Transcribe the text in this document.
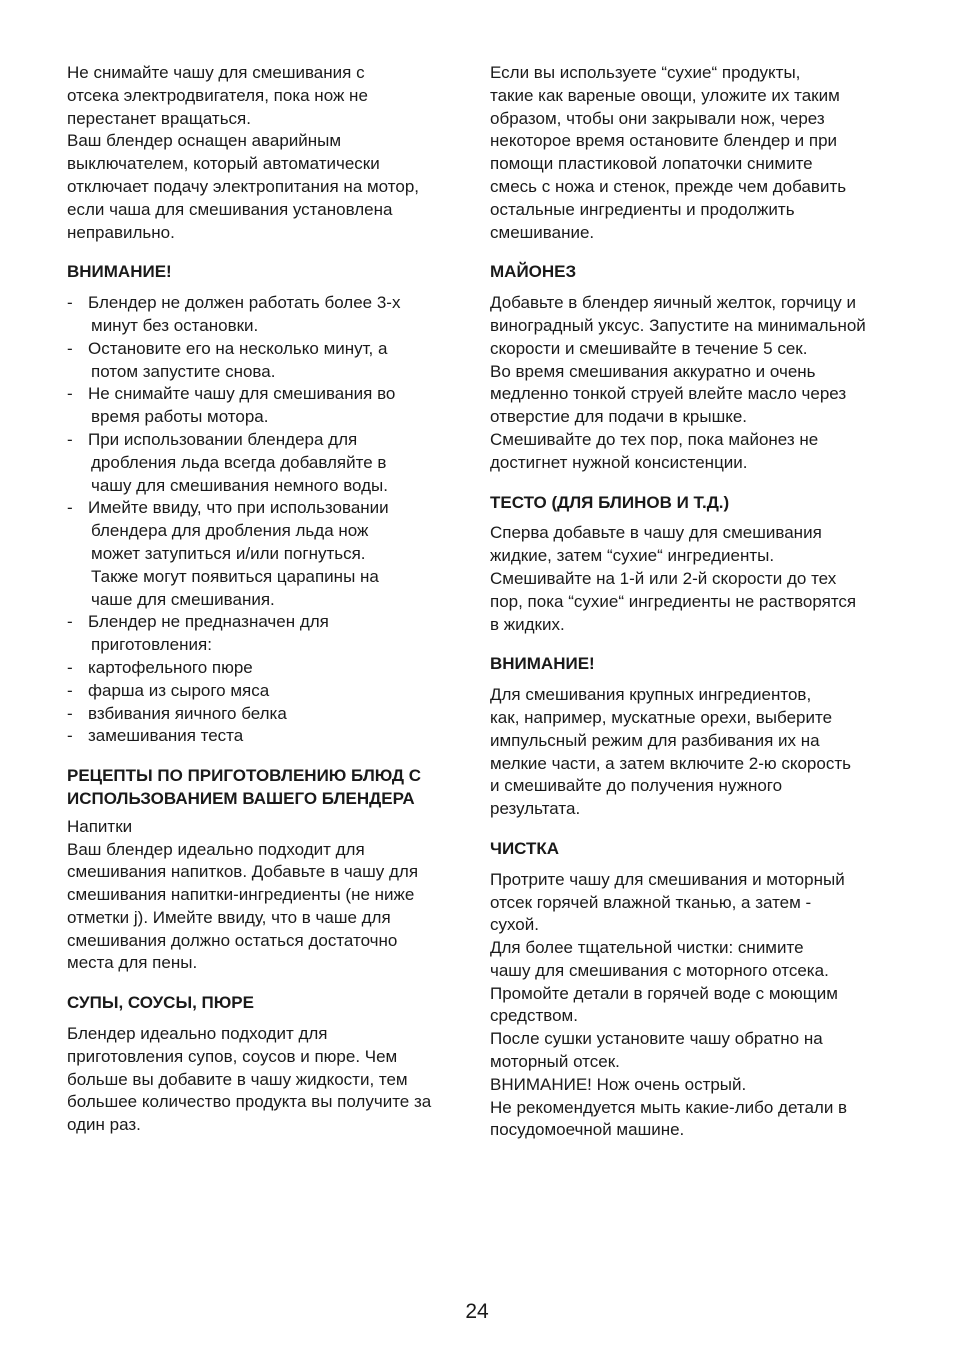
Не снимайте чашу для смешивания с
отсека электродвигателя, пока нож не
перестанет вращаться.
Ваш блендер оснащен аварийным
выключателем, который автоматически
отключает подачу электропитания на мотор,
если чаша для смешивания установлена
неправильно.
ВНИМАНИЕ!
- Блендер не должен работать более 3-х
минут без остановки.
- Остановите его на несколько минут, а
потом запустите снова.
- Не снимайте чашу для смешивания во
время работы мотора.
- При использовании блендера для
дробления льда всегда добавляйте в
чашу для смешивания немного воды.
- Имейте ввиду, что при использовании
блендера для дробления льда нож
может затупиться и/или погнуться.
Также могут появиться царапины на
чаше для смешивания.
- Блендер не предназначен для
приготовления:
- картофельного пюре
- фарша из сырого мяса
- взбивания яичного белка
- замешивания теста
РЕЦЕПТЫ ПО ПРИГОТОВЛЕНИЮ БЛЮД С
ИСПОЛЬЗОВАНИЕМ ВАШЕГО БЛЕНДЕРА
Напитки
Ваш блендер идеально подходит для
смешивания напитков. Добавьте в чашу для
смешивания напитки-ингредиенты (не ниже
отметки j). Имейте ввиду, что в чаше для
смешивания должно остаться достаточно
места для пены.
СУПЫ, СОУСЫ, ПЮРЕ
Блендер идеально подходит для
приготовления супов, соусов и пюре. Чем
больше вы добавите в чашу жидкости, тем
большее количество продукта вы получите за
один раз.
Если вы используете “сухие“ продукты,
такие как вареные овощи, уложите их таким
образом, чтобы они закрывали нож, через
некоторое время остановите блендер и при
помощи пластиковой лопаточки снимите
смесь с ножа и стенок, прежде чем добавить
остальные ингредиенты и продолжить
смешивание.
МАЙОНЕЗ
Добавьте в блендер яичный желток, горчицу и
виноградный уксус. Запустите на минимальной
скорости и смешивайте в течение 5 сек.
Во время смешивания аккуратно и очень
медленно тонкой струей влейте масло через
отверстие для подачи в крышке.
Смешивайте до тех пор, пока майонез не
достигнет нужной консистенции.
ТЕСТО (ДЛЯ БЛИНОВ И Т.Д.)
Сперва добавьте в чашу для смешивания
жидкие, затем “сухие“ ингредиенты.
Смешивайте на 1-й или 2-й скорости до тех
пор, пока “сухие“ ингредиенты не растворятся
в жидких.
ВНИМАНИЕ!
Для смешивания крупных ингредиентов,
как, например, мускатные орехи, выберите
импульсный режим для разбивания их на
мелкие части, а затем включите 2-ю скорость
и смешивайте до получения нужного
результата.
ЧИСТКА
Протрите чашу для смешивания и моторный
отсек горячей влажной тканью, а затем -
сухой.
Для более тщательной чистки: снимите
чашу для смешивания с моторного отсека.
Промойте детали в горячей воде с моющим
средством.
После сушки установите чашу обратно на
моторный отсек.
ВНИМАНИЕ! Нож очень острый.
Не рекомендуется мыть какие-либо детали в
посудомоечной машине.
24
